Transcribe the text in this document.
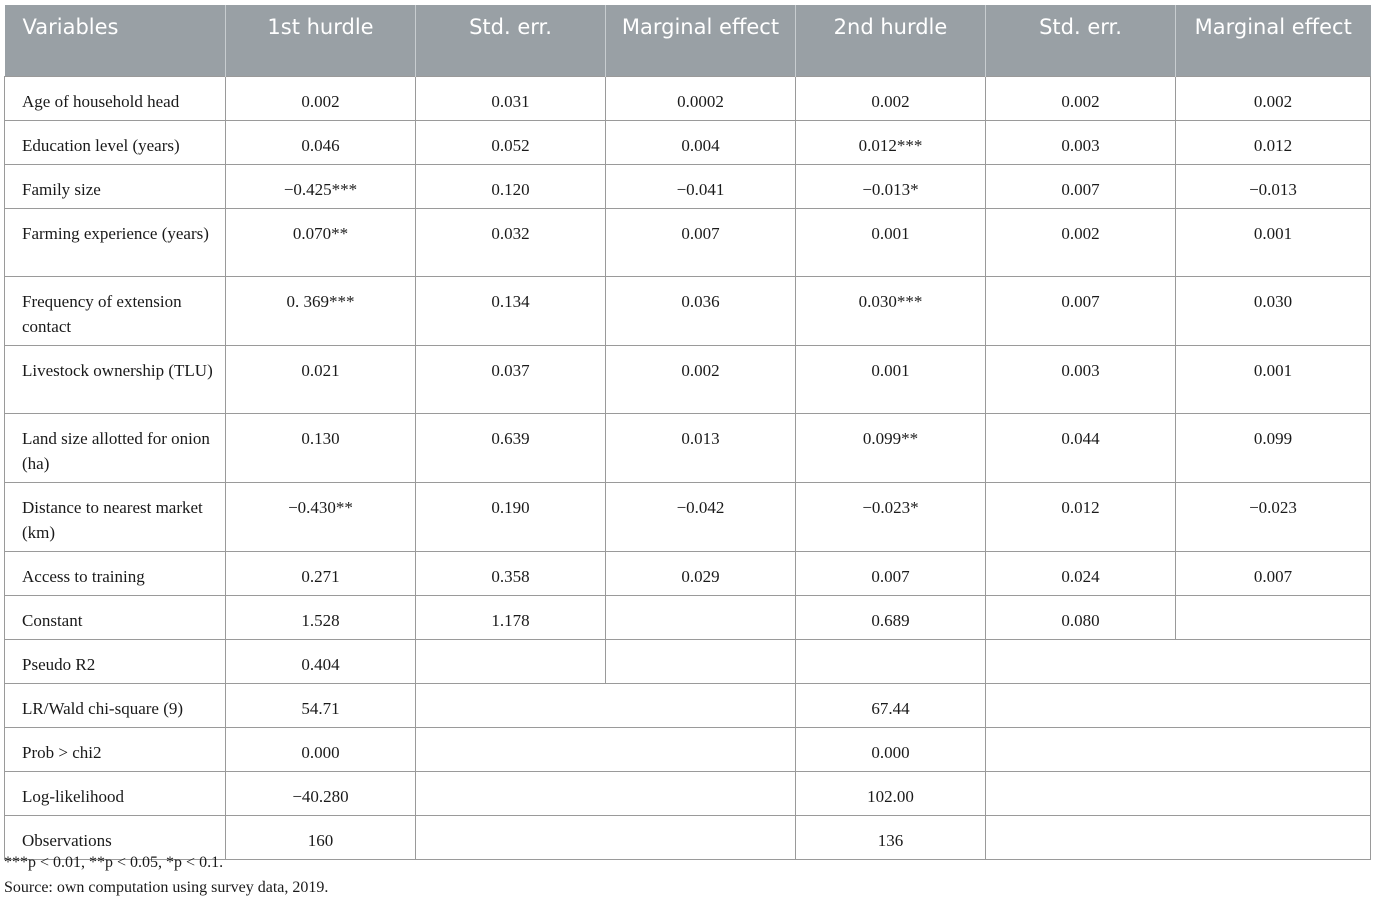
Variables	1st hurdle	Std. err.	Marginal effect	2nd hurdle	Std. err.	Marginal effect
Age of household head	0.002	0.031	0.0002	0.002	0.002	0.002
Education level (years)	0.046	0.052	0.004	0.012***	0.003	0.012
Family size	−0.425***	0.120	−0.041	−0.013*	0.007	−0.013
Farming experience (years)	0.070**	0.032	0.007	0.001	0.002	0.001
Frequency of extension contact	0. 369***	0.134	0.036	0.030***	0.007	0.030
Livestock ownership (TLU)	0.021	0.037	0.002	0.001	0.003	0.001
Land size allotted for onion (ha)	0.130	0.639	0.013	0.099**	0.044	0.099
Distance to nearest market (km)	−0.430**	0.190	−0.042	−0.023*	0.012	−0.023
Access to training	0.271	0.358	0.029	0.007	0.024	0.007
Constant	1.528	1.178		0.689	0.080	
Pseudo R2	0.404					
LR/Wald chi-square (9)	54.71			67.44		
Prob > chi2	0.000			0.000		
Log-likelihood	−40.280			102.00		
Observations	160			136		
***p < 0.01, **p < 0.05, *p < 0.1.
Source: own computation using survey data, 2019.
